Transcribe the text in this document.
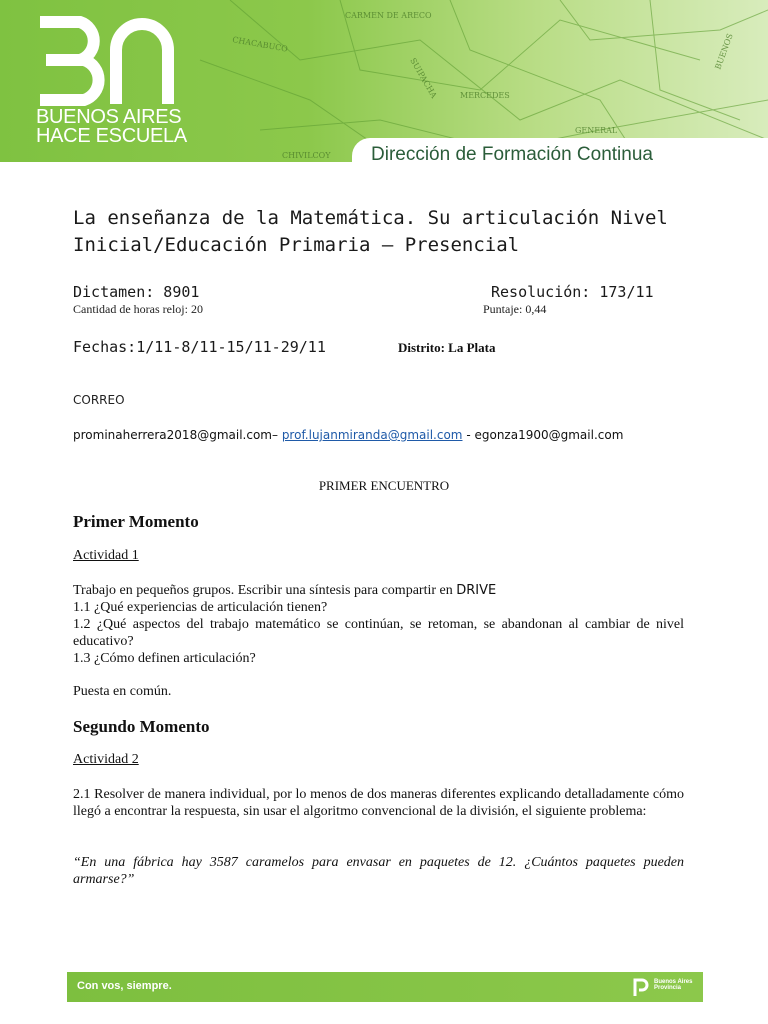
CHACABUCO
CARMEN DE ARECO
SUIPACHA	MERCEDES
BUENOS
GENERAL
CHIVILCOY
BUENOS AIRES
HACE ESCUELA
Dirección de Formación Continua
La enseñanza de la Matemática. Su articulación Nivel
Inicial/Educación Primaria – Presencial
Dictamen: 8901	Resolución: 173/11
Cantidad de horas reloj: 20	Puntaje: 0,44
Fechas:1/11-8/11-15/11-29/11	Distrito: La Plata
CORREO
prominaherrera2018@gmail.com– prof.lujanmiranda@gmail.com - egonza1900@gmail.com
PRIMER ENCUENTRO
Primer Momento
Actividad 1
Trabajo en pequeños grupos. Escribir una síntesis para compartir en DRIVE
1.1 ¿Qué experiencias de articulación tienen?
1.2 ¿Qué aspectos del trabajo matemático se continúan, se retoman, se abandonan al cambiar de nivel educativo?
1.3 ¿Cómo definen articulación?
Puesta en común.
Segundo Momento
Actividad 2
2.1 Resolver de manera individual, por lo menos de dos maneras diferentes explicando detalladamente cómo llegó a encontrar la respuesta, sin usar el algoritmo convencional de la división, el siguiente problema:
“En una fábrica hay 3587 caramelos para envasar en paquetes de 12. ¿Cuántos paquetes pueden armarse?”
Con vos, siempre.	Buenos Aires
Provincia
